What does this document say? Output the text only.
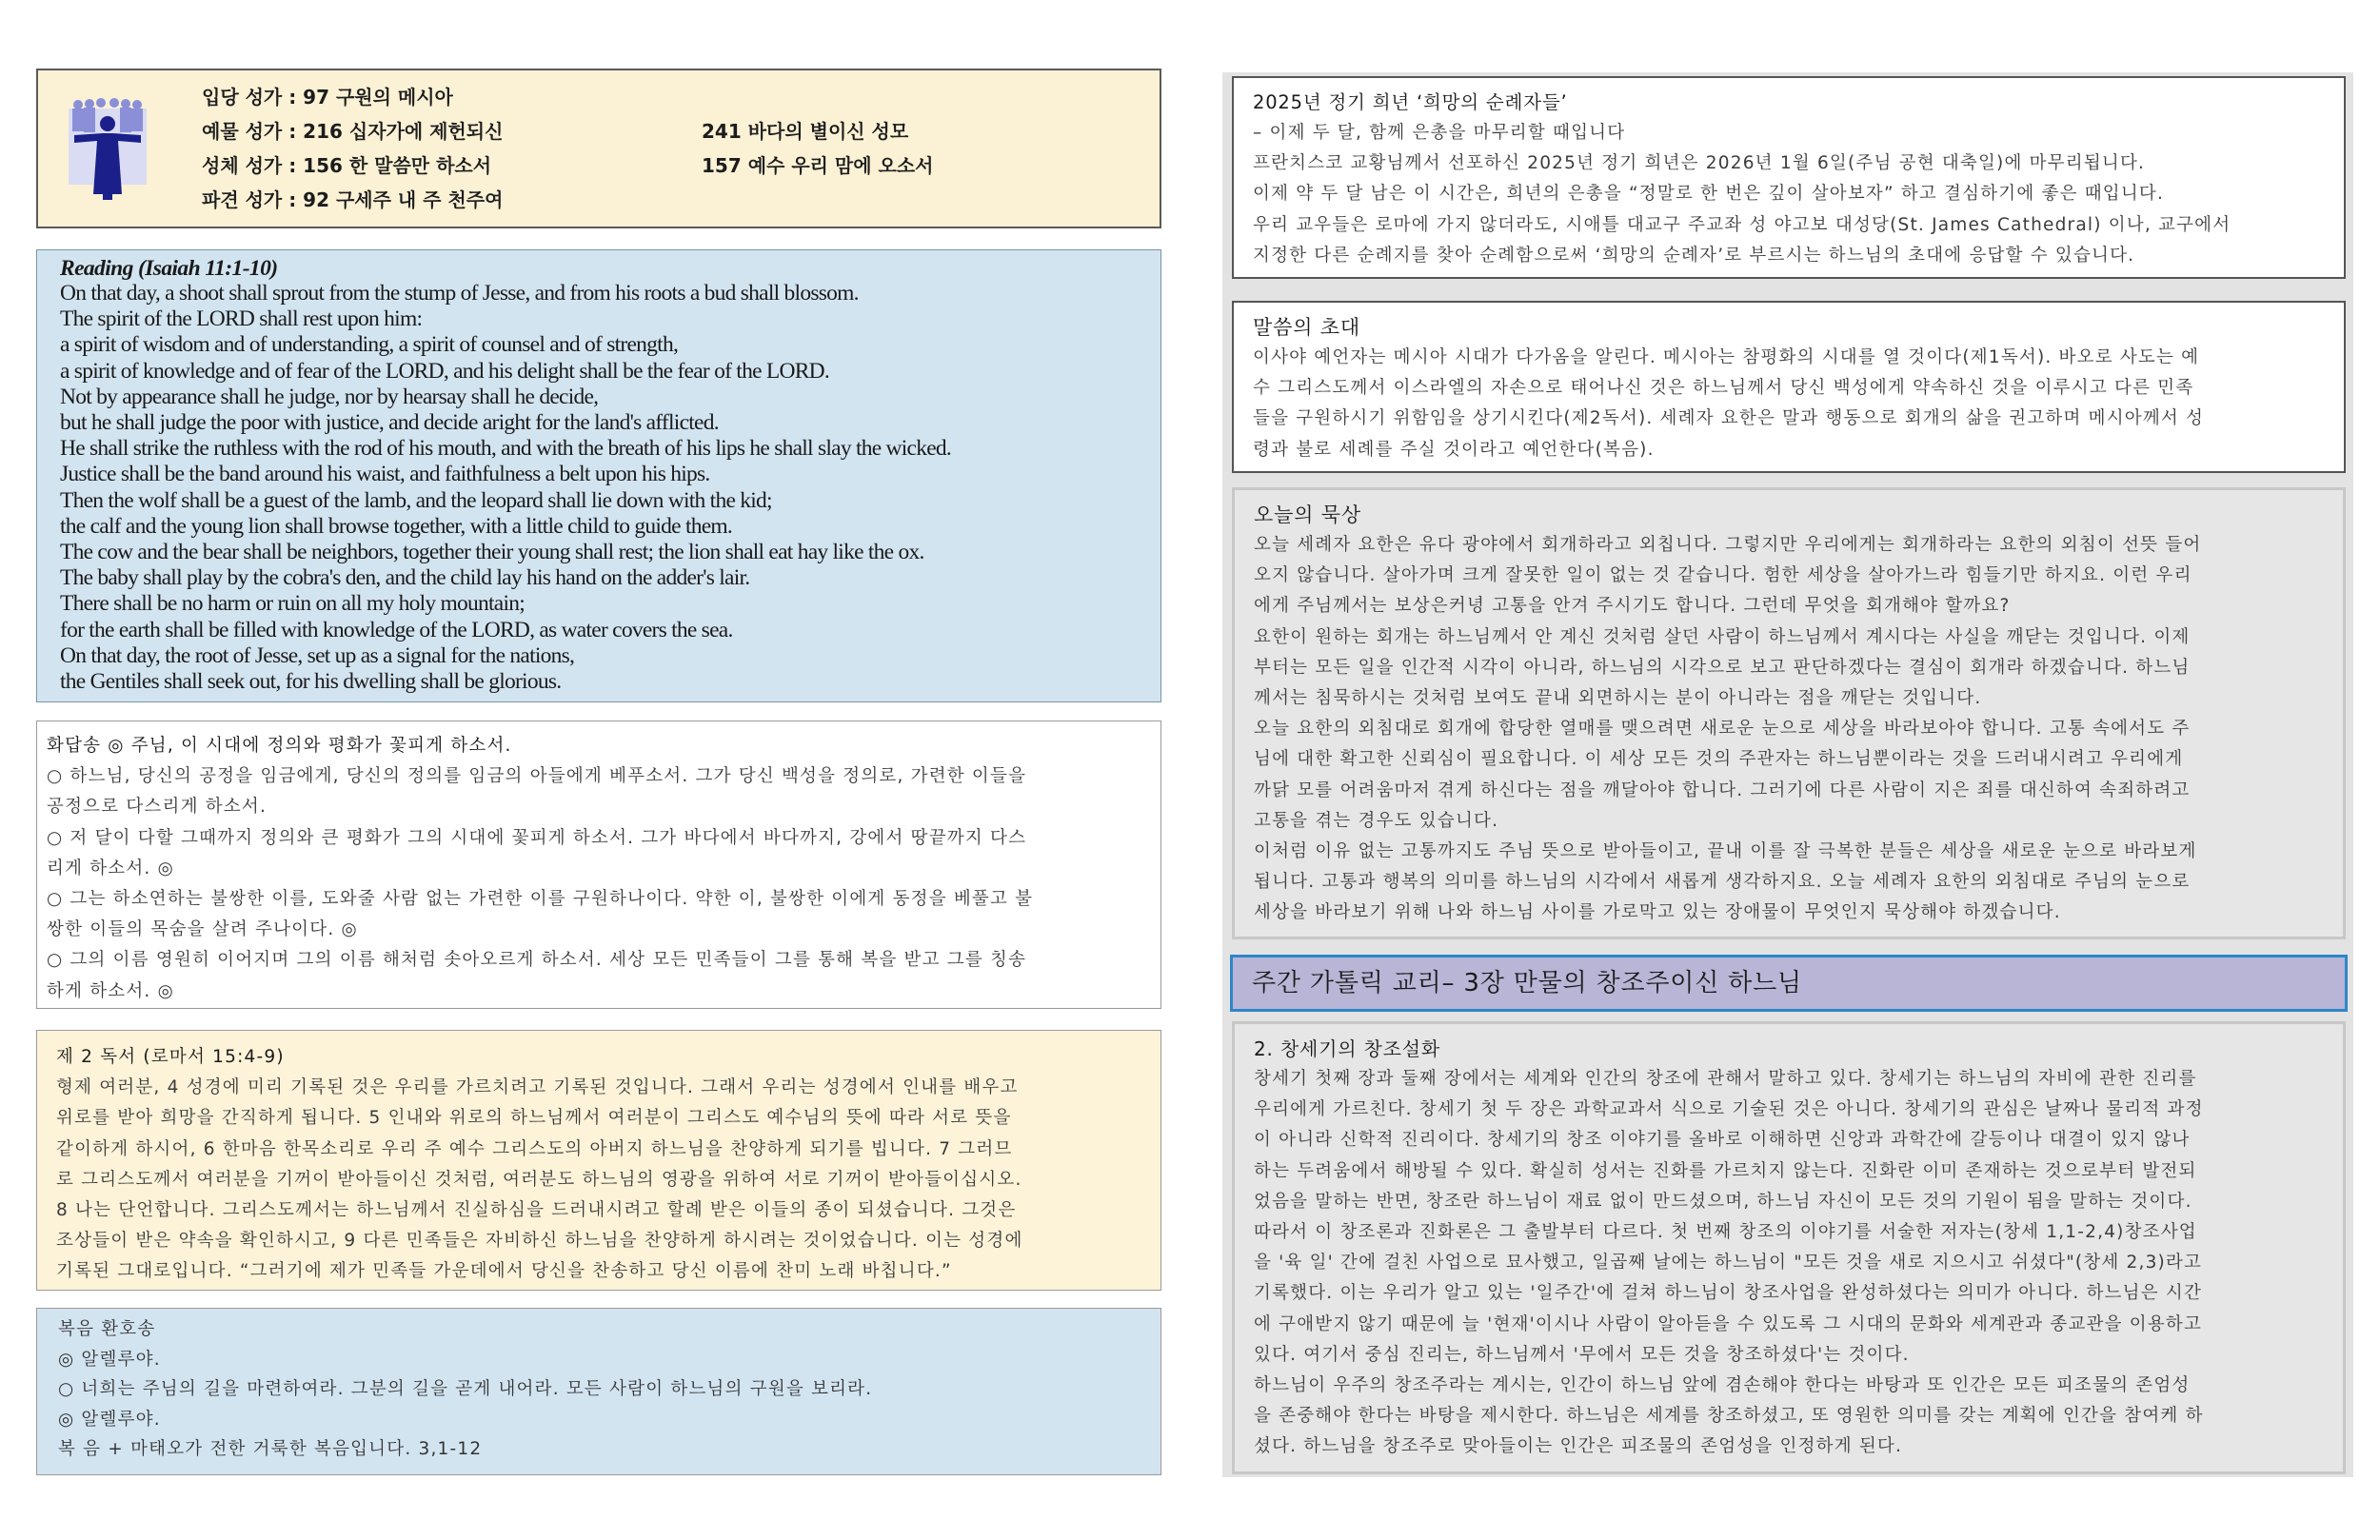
입당 성가 : 97 구원의 메시아
예물 성가 : 216 십자가에 제헌되신	241 바다의 별이신 성모
성체 성가 : 156 한 말씀만 하소서	157 예수 우리 맘에 오소서
파견 성가 : 92 구세주 내 주 천주여

Reading (Isaiah 11:1-10)

On that day, a shoot shall sprout from the stump of Jesse, and from his roots a bud shall blossom.

The spirit of the LORD shall rest upon him:

a spirit of wisdom and of understanding, a spirit of counsel and of strength,

a spirit of knowledge and of fear of the LORD, and his delight shall be the fear of the LORD.

Not by appearance shall he judge, nor by hearsay shall he decide,

but he shall judge the poor with justice, and decide aright for the land's afflicted.

He shall strike the ruthless with the rod of his mouth, and with the breath of his lips he shall slay the wicked.

Justice shall be the band around his waist, and faithfulness a belt upon his hips.

Then the wolf shall be a guest of the lamb, and the leopard shall lie down with the kid;

the calf and the young lion shall browse together, with a little child to guide them.

The cow and the bear shall be neighbors, together their young shall rest; the lion shall eat hay like the ox.

The baby shall play by the cobra's den, and the child lay his hand on the adder's lair.

There shall be no harm or ruin on all my holy mountain;

for the earth shall be filled with knowledge of the LORD, as water covers the sea.

On that day, the root of Jesse, set up as a signal for the nations,

the Gentiles shall seek out, for his dwelling shall be glorious.

화답송 ◎ 주님, 이 시대에 정의와 평화가 꽃피게 하소서.

○ 하느님, 당신의 공정을 임금에게, 당신의 정의를 임금의 아들에게 베푸소서. 그가 당신 백성을 정의로, 가련한 이들을

공정으로 다스리게 하소서.

○ 저 달이 다할 그때까지 정의와 큰 평화가 그의 시대에 꽃피게 하소서. 그가 바다에서 바다까지, 강에서 땅끝까지 다스

리게 하소서. ◎

○ 그는 하소연하는 불쌍한 이를, 도와줄 사람 없는 가련한 이를 구원하나이다. 약한 이, 불쌍한 이에게 동정을 베풀고 불

쌍한 이들의 목숨을 살려 주나이다. ◎

○ 그의 이름 영원히 이어지며 그의 이름 해처럼 솟아오르게 하소서. 세상 모든 민족들이 그를 통해 복을 받고 그를 칭송

하게 하소서. ◎

제 2 독서 (로마서 15:4-9)

형제 여러분, 4 성경에 미리 기록된 것은 우리를 가르치려고 기록된 것입니다. 그래서 우리는 성경에서 인내를 배우고

위로를 받아 희망을 간직하게 됩니다. 5 인내와 위로의 하느님께서 여러분이 그리스도 예수님의 뜻에 따라 서로 뜻을

같이하게 하시어, 6 한마음 한목소리로 우리 주 예수 그리스도의 아버지 하느님을 찬양하게 되기를 빕니다. 7 그러므

로 그리스도께서 여러분을 기꺼이 받아들이신 것처럼, 여러분도 하느님의 영광을 위하여 서로 기꺼이 받아들이십시오.

8 나는 단언합니다. 그리스도께서는 하느님께서 진실하심을 드러내시려고 할례 받은 이들의 종이 되셨습니다. 그것은

조상들이 받은 약속을 확인하시고, 9 다른 민족들은 자비하신 하느님을 찬양하게 하시려는 것이었습니다. 이는 성경에

기록된 그대로입니다. “그러기에 제가 민족들 가운데에서 당신을 찬송하고 당신 이름에 찬미 노래 바칩니다.”

복음 환호송

◎ 알렐루야.

○ 너희는 주님의 길을 마련하여라. 그분의 길을 곧게 내어라. 모든 사람이 하느님의 구원을 보리라.

◎ 알렐루야.

복 음 + 마태오가 전한 거룩한 복음입니다. 3,1-12

2025년 정기 희년 ‘희망의 순례자들’

– 이제 두 달, 함께 은총을 마무리할 때입니다

프란치스코 교황님께서 선포하신 2025년 정기 희년은 2026년 1월 6일(주님 공현 대축일)에 마무리됩니다.

이제 약 두 달 남은 이 시간은, 희년의 은총을 “정말로 한 번은 깊이 살아보자” 하고 결심하기에 좋은 때입니다.

우리 교우들은 로마에 가지 않더라도, 시애틀 대교구 주교좌 성 야고보 대성당(St. James Cathedral) 이나, 교구에서

지정한 다른 순례지를 찾아 순례함으로써 ‘희망의 순례자’로 부르시는 하느님의 초대에 응답할 수 있습니다.

말씀의 초대

이사야 예언자는 메시아 시대가 다가옴을 알린다. 메시아는 참평화의 시대를 열 것이다(제1독서). 바오로 사도는 예

수 그리스도께서 이스라엘의 자손으로 태어나신 것은 하느님께서 당신 백성에게 약속하신 것을 이루시고 다른 민족

들을 구원하시기 위함임을 상기시킨다(제2독서). 세례자 요한은 말과 행동으로 회개의 삶을 권고하며 메시아께서 성

령과 불로 세례를 주실 것이라고 예언한다(복음).

오늘의 묵상

오늘 세례자 요한은 유다 광야에서 회개하라고 외칩니다. 그렇지만 우리에게는 회개하라는 요한의 외침이 선뜻 들어

오지 않습니다. 살아가며 크게 잘못한 일이 없는 것 같습니다. 험한 세상을 살아가느라 힘들기만 하지요. 이런 우리

에게 주님께서는 보상은커녕 고통을 안겨 주시기도 합니다. 그런데 무엇을 회개해야 할까요?

요한이 원하는 회개는 하느님께서 안 계신 것처럼 살던 사람이 하느님께서 계시다는 사실을 깨닫는 것입니다. 이제

부터는 모든 일을 인간적 시각이 아니라, 하느님의 시각으로 보고 판단하겠다는 결심이 회개라 하겠습니다. 하느님

께서는 침묵하시는 것처럼 보여도 끝내 외면하시는 분이 아니라는 점을 깨닫는 것입니다.

오늘 요한의 외침대로 회개에 합당한 열매를 맺으려면 새로운 눈으로 세상을 바라보아야 합니다. 고통 속에서도 주

님에 대한 확고한 신뢰심이 필요합니다. 이 세상 모든 것의 주관자는 하느님뿐이라는 것을 드러내시려고 우리에게

까닭 모를 어려움마저 겪게 하신다는 점을 깨달아야 합니다. 그러기에 다른 사람이 지은 죄를 대신하여 속죄하려고

고통을 겪는 경우도 있습니다.

이처럼 이유 없는 고통까지도 주님 뜻으로 받아들이고, 끝내 이를 잘 극복한 분들은 세상을 새로운 눈으로 바라보게

됩니다. 고통과 행복의 의미를 하느님의 시각에서 새롭게 생각하지요. 오늘 세례자 요한의 외침대로 주님의 눈으로

세상을 바라보기 위해 나와 하느님 사이를 가로막고 있는 장애물이 무엇인지 묵상해야 하겠습니다.

주간 가톨릭 교리– 3장 만물의 창조주이신 하느님

2. 창세기의 창조설화

창세기 첫째 장과 둘째 장에서는 세계와 인간의 창조에 관해서 말하고 있다. 창세기는 하느님의 자비에 관한 진리를

우리에게 가르친다. 창세기 첫 두 장은 과학교과서 식으로 기술된 것은 아니다. 창세기의 관심은 날짜나 물리적 과정

이 아니라 신학적 진리이다. 창세기의 창조 이야기를 올바로 이해하면 신앙과 과학간에 갈등이나 대결이 있지 않나

하는 두려움에서 해방될 수 있다. 확실히 성서는 진화를 가르치지 않는다. 진화란 이미 존재하는 것으로부터 발전되

었음을 말하는 반면, 창조란 하느님이 재료 없이 만드셨으며, 하느님 자신이 모든 것의 기원이 됨을 말하는 것이다.

따라서 이 창조론과 진화론은 그 출발부터 다르다. 첫 번째 창조의 이야기를 서술한 저자는(창세 1,1-2,4)창조사업

을 '육 일' 간에 걸친 사업으로 묘사했고, 일곱째 날에는 하느님이 "모든 것을 새로 지으시고 쉬셨다"(창세 2,3)라고

기록했다. 이는 우리가 알고 있는 '일주간'에 걸쳐 하느님이 창조사업을 완성하셨다는 의미가 아니다. 하느님은 시간

에 구애받지 않기 때문에 늘 '현재'이시나 사람이 알아듣을 수 있도록 그 시대의 문화와 세계관과 종교관을 이용하고

있다. 여기서 중심 진리는, 하느님께서 '무에서 모든 것을 창조하셨다'는 것이다.

하느님이 우주의 창조주라는 계시는, 인간이 하느님 앞에 겸손해야 한다는 바탕과 또 인간은 모든 피조물의 존엄성

을 존중해야 한다는 바탕을 제시한다. 하느님은 세계를 창조하셨고, 또 영원한 의미를 갖는 계획에 인간을 참여케 하

셨다. 하느님을 창조주로 맞아들이는 인간은 피조물의 존엄성을 인정하게 된다.
